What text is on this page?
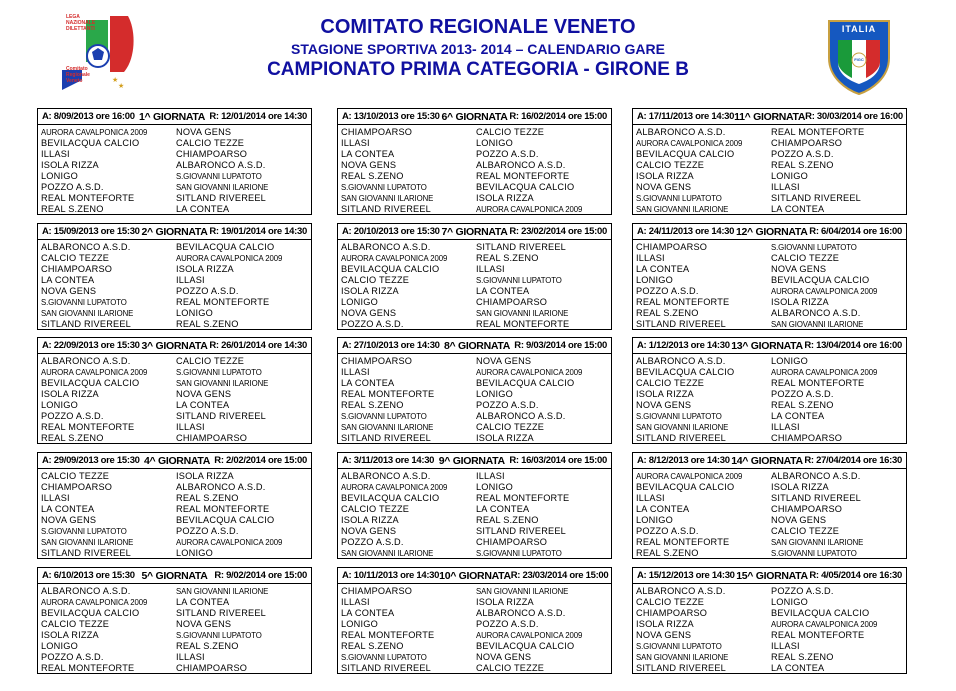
★
★
LEGA
NAZIONALE
DILETTANTI
Comitato
Regionale
Veneto
COMITATO REGIONALE VENETO
STAGIONE SPORTIVA 2013- 2014 – CALENDARIO GARE
CAMPIONATO PRIMA CATEGORIA - GIRONE B
ITALIA
FIGC
A: 8/09/2013 ore 16:00 1^ GIORNATA R: 12/01/2014 ore 14:30
AURORA CAVALPONICA 2009	NOVA GENS
BEVILACQUA CALCIO	CALCIO TEZZE
ILLASI	CHIAMPOARSO
ISOLA RIZZA	ALBARONCO A.S.D.
LONIGO	S.GIOVANNI LUPATOTO
POZZO A.S.D.	SAN GIOVANNI ILARIONE
REAL MONTEFORTE	SITLAND RIVEREEL
REAL S.ZENO	LA CONTEA
A: 15/09/2013 ore 15:30 2^ GIORNATA R: 19/01/2014 ore 14:30
ALBARONCO A.S.D.	BEVILACQUA CALCIO
CALCIO TEZZE	AURORA CAVALPONICA 2009
CHIAMPOARSO	ISOLA RIZZA
LA CONTEA	ILLASI
NOVA GENS	POZZO A.S.D.
S.GIOVANNI LUPATOTO	REAL MONTEFORTE
SAN GIOVANNI ILARIONE	LONIGO
SITLAND RIVEREEL	REAL S.ZENO
A: 22/09/2013 ore 15:30 3^ GIORNATA R: 26/01/2014 ore 14:30
ALBARONCO A.S.D.	CALCIO TEZZE
AURORA CAVALPONICA 2009	S.GIOVANNI LUPATOTO
BEVILACQUA CALCIO	SAN GIOVANNI ILARIONE
ISOLA RIZZA	NOVA GENS
LONIGO	LA CONTEA
POZZO A.S.D.	SITLAND RIVEREEL
REAL MONTEFORTE	ILLASI
REAL S.ZENO	CHIAMPOARSO
A: 29/09/2013 ore 15:30 4^ GIORNATA R: 2/02/2014 ore 15:00
CALCIO TEZZE	ISOLA RIZZA
CHIAMPOARSO	ALBARONCO A.S.D.
ILLASI	REAL S.ZENO
LA CONTEA	REAL MONTEFORTE
NOVA GENS	BEVILACQUA CALCIO
S.GIOVANNI LUPATOTO	POZZO A.S.D.
SAN GIOVANNI ILARIONE	AURORA CAVALPONICA 2009
SITLAND RIVEREEL	LONIGO
A: 6/10/2013 ore 15:30 5^ GIORNATA R: 9/02/2014 ore 15:00
ALBARONCO A.S.D.	SAN GIOVANNI ILARIONE
AURORA CAVALPONICA 2009	LA CONTEA
BEVILACQUA CALCIO	SITLAND RIVEREEL
CALCIO TEZZE	NOVA GENS
ISOLA RIZZA	S.GIOVANNI LUPATOTO
LONIGO	REAL S.ZENO
POZZO A.S.D.	ILLASI
REAL MONTEFORTE	CHIAMPOARSO
A: 13/10/2013 ore 15:30 6^ GIORNATA R: 16/02/2014 ore 15:00
CHIAMPOARSO	CALCIO TEZZE
ILLASI	LONIGO
LA CONTEA	POZZO A.S.D.
NOVA GENS	ALBARONCO A.S.D.
REAL S.ZENO	REAL MONTEFORTE
S.GIOVANNI LUPATOTO	BEVILACQUA CALCIO
SAN GIOVANNI ILARIONE	ISOLA RIZZA
SITLAND RIVEREEL	AURORA CAVALPONICA 2009
A: 20/10/2013 ore 15:30 7^ GIORNATA R: 23/02/2014 ore 15:00
ALBARONCO A.S.D.	SITLAND RIVEREEL
AURORA CAVALPONICA 2009	REAL S.ZENO
BEVILACQUA CALCIO	ILLASI
CALCIO TEZZE	S.GIOVANNI LUPATOTO
ISOLA RIZZA	LA CONTEA
LONIGO	CHIAMPOARSO
NOVA GENS	SAN GIOVANNI ILARIONE
POZZO A.S.D.	REAL MONTEFORTE
A: 27/10/2013 ore 14:30 8^ GIORNATA R: 9/03/2014 ore 15:00
CHIAMPOARSO	NOVA GENS
ILLASI	AURORA CAVALPONICA 2009
LA CONTEA	BEVILACQUA CALCIO
REAL MONTEFORTE	LONIGO
REAL S.ZENO	POZZO A.S.D.
S.GIOVANNI LUPATOTO	ALBARONCO A.S.D.
SAN GIOVANNI ILARIONE	CALCIO TEZZE
SITLAND RIVEREEL	ISOLA RIZZA
A: 3/11/2013 ore 14:30 9^ GIORNATA R: 16/03/2014 ore 15:00
ALBARONCO A.S.D.	ILLASI
AURORA CAVALPONICA 2009	LONIGO
BEVILACQUA CALCIO	REAL MONTEFORTE
CALCIO TEZZE	LA CONTEA
ISOLA RIZZA	REAL S.ZENO
NOVA GENS	SITLAND RIVEREEL
POZZO A.S.D.	CHIAMPOARSO
SAN GIOVANNI ILARIONE	S.GIOVANNI LUPATOTO
A: 10/11/2013 ore 14:30 10^ GIORNATA R: 23/03/2014 ore 15:00
CHIAMPOARSO	SAN GIOVANNI ILARIONE
ILLASI	ISOLA RIZZA
LA CONTEA	ALBARONCO A.S.D.
LONIGO	POZZO A.S.D.
REAL MONTEFORTE	AURORA CAVALPONICA 2009
REAL S.ZENO	BEVILACQUA CALCIO
S.GIOVANNI LUPATOTO	NOVA GENS
SITLAND RIVEREEL	CALCIO TEZZE
A: 17/11/2013 ore 14:30 11^ GIORNATA R: 30/03/2014 ore 16:00
ALBARONCO A.S.D.	REAL MONTEFORTE
AURORA CAVALPONICA 2009	CHIAMPOARSO
BEVILACQUA CALCIO	POZZO A.S.D.
CALCIO TEZZE	REAL S.ZENO
ISOLA RIZZA	LONIGO
NOVA GENS	ILLASI
S.GIOVANNI LUPATOTO	SITLAND RIVEREEL
SAN GIOVANNI ILARIONE	LA CONTEA
A: 24/11/2013 ore 14:30 12^ GIORNATA R: 6/04/2014 ore 16:00
CHIAMPOARSO	S.GIOVANNI LUPATOTO
ILLASI	CALCIO TEZZE
LA CONTEA	NOVA GENS
LONIGO	BEVILACQUA CALCIO
POZZO A.S.D.	AURORA CAVALPONICA 2009
REAL MONTEFORTE	ISOLA RIZZA
REAL S.ZENO	ALBARONCO A.S.D.
SITLAND RIVEREEL	SAN GIOVANNI ILARIONE
A: 1/12/2013 ore 14:30 13^ GIORNATA R: 13/04/2014 ore 16:00
ALBARONCO A.S.D.	LONIGO
BEVILACQUA CALCIO	AURORA CAVALPONICA 2009
CALCIO TEZZE	REAL MONTEFORTE
ISOLA RIZZA	POZZO A.S.D.
NOVA GENS	REAL S.ZENO
S.GIOVANNI LUPATOTO	LA CONTEA
SAN GIOVANNI ILARIONE	ILLASI
SITLAND RIVEREEL	CHIAMPOARSO
A: 8/12/2013 ore 14:30 14^ GIORNATA R: 27/04/2014 ore 16:30
AURORA CAVALPONICA 2009	ALBARONCO A.S.D.
BEVILACQUA CALCIO	ISOLA RIZZA
ILLASI	SITLAND RIVEREEL
LA CONTEA	CHIAMPOARSO
LONIGO	NOVA GENS
POZZO A.S.D.	CALCIO TEZZE
REAL MONTEFORTE	SAN GIOVANNI ILARIONE
REAL S.ZENO	S.GIOVANNI LUPATOTO
A: 15/12/2013 ore 14:30 15^ GIORNATA R: 4/05/2014 ore 16:30
ALBARONCO A.S.D.	POZZO A.S.D.
CALCIO TEZZE	LONIGO
CHIAMPOARSO	BEVILACQUA CALCIO
ISOLA RIZZA	AURORA CAVALPONICA 2009
NOVA GENS	REAL MONTEFORTE
S.GIOVANNI LUPATOTO	ILLASI
SAN GIOVANNI ILARIONE	REAL S.ZENO
SITLAND RIVEREEL	LA CONTEA
